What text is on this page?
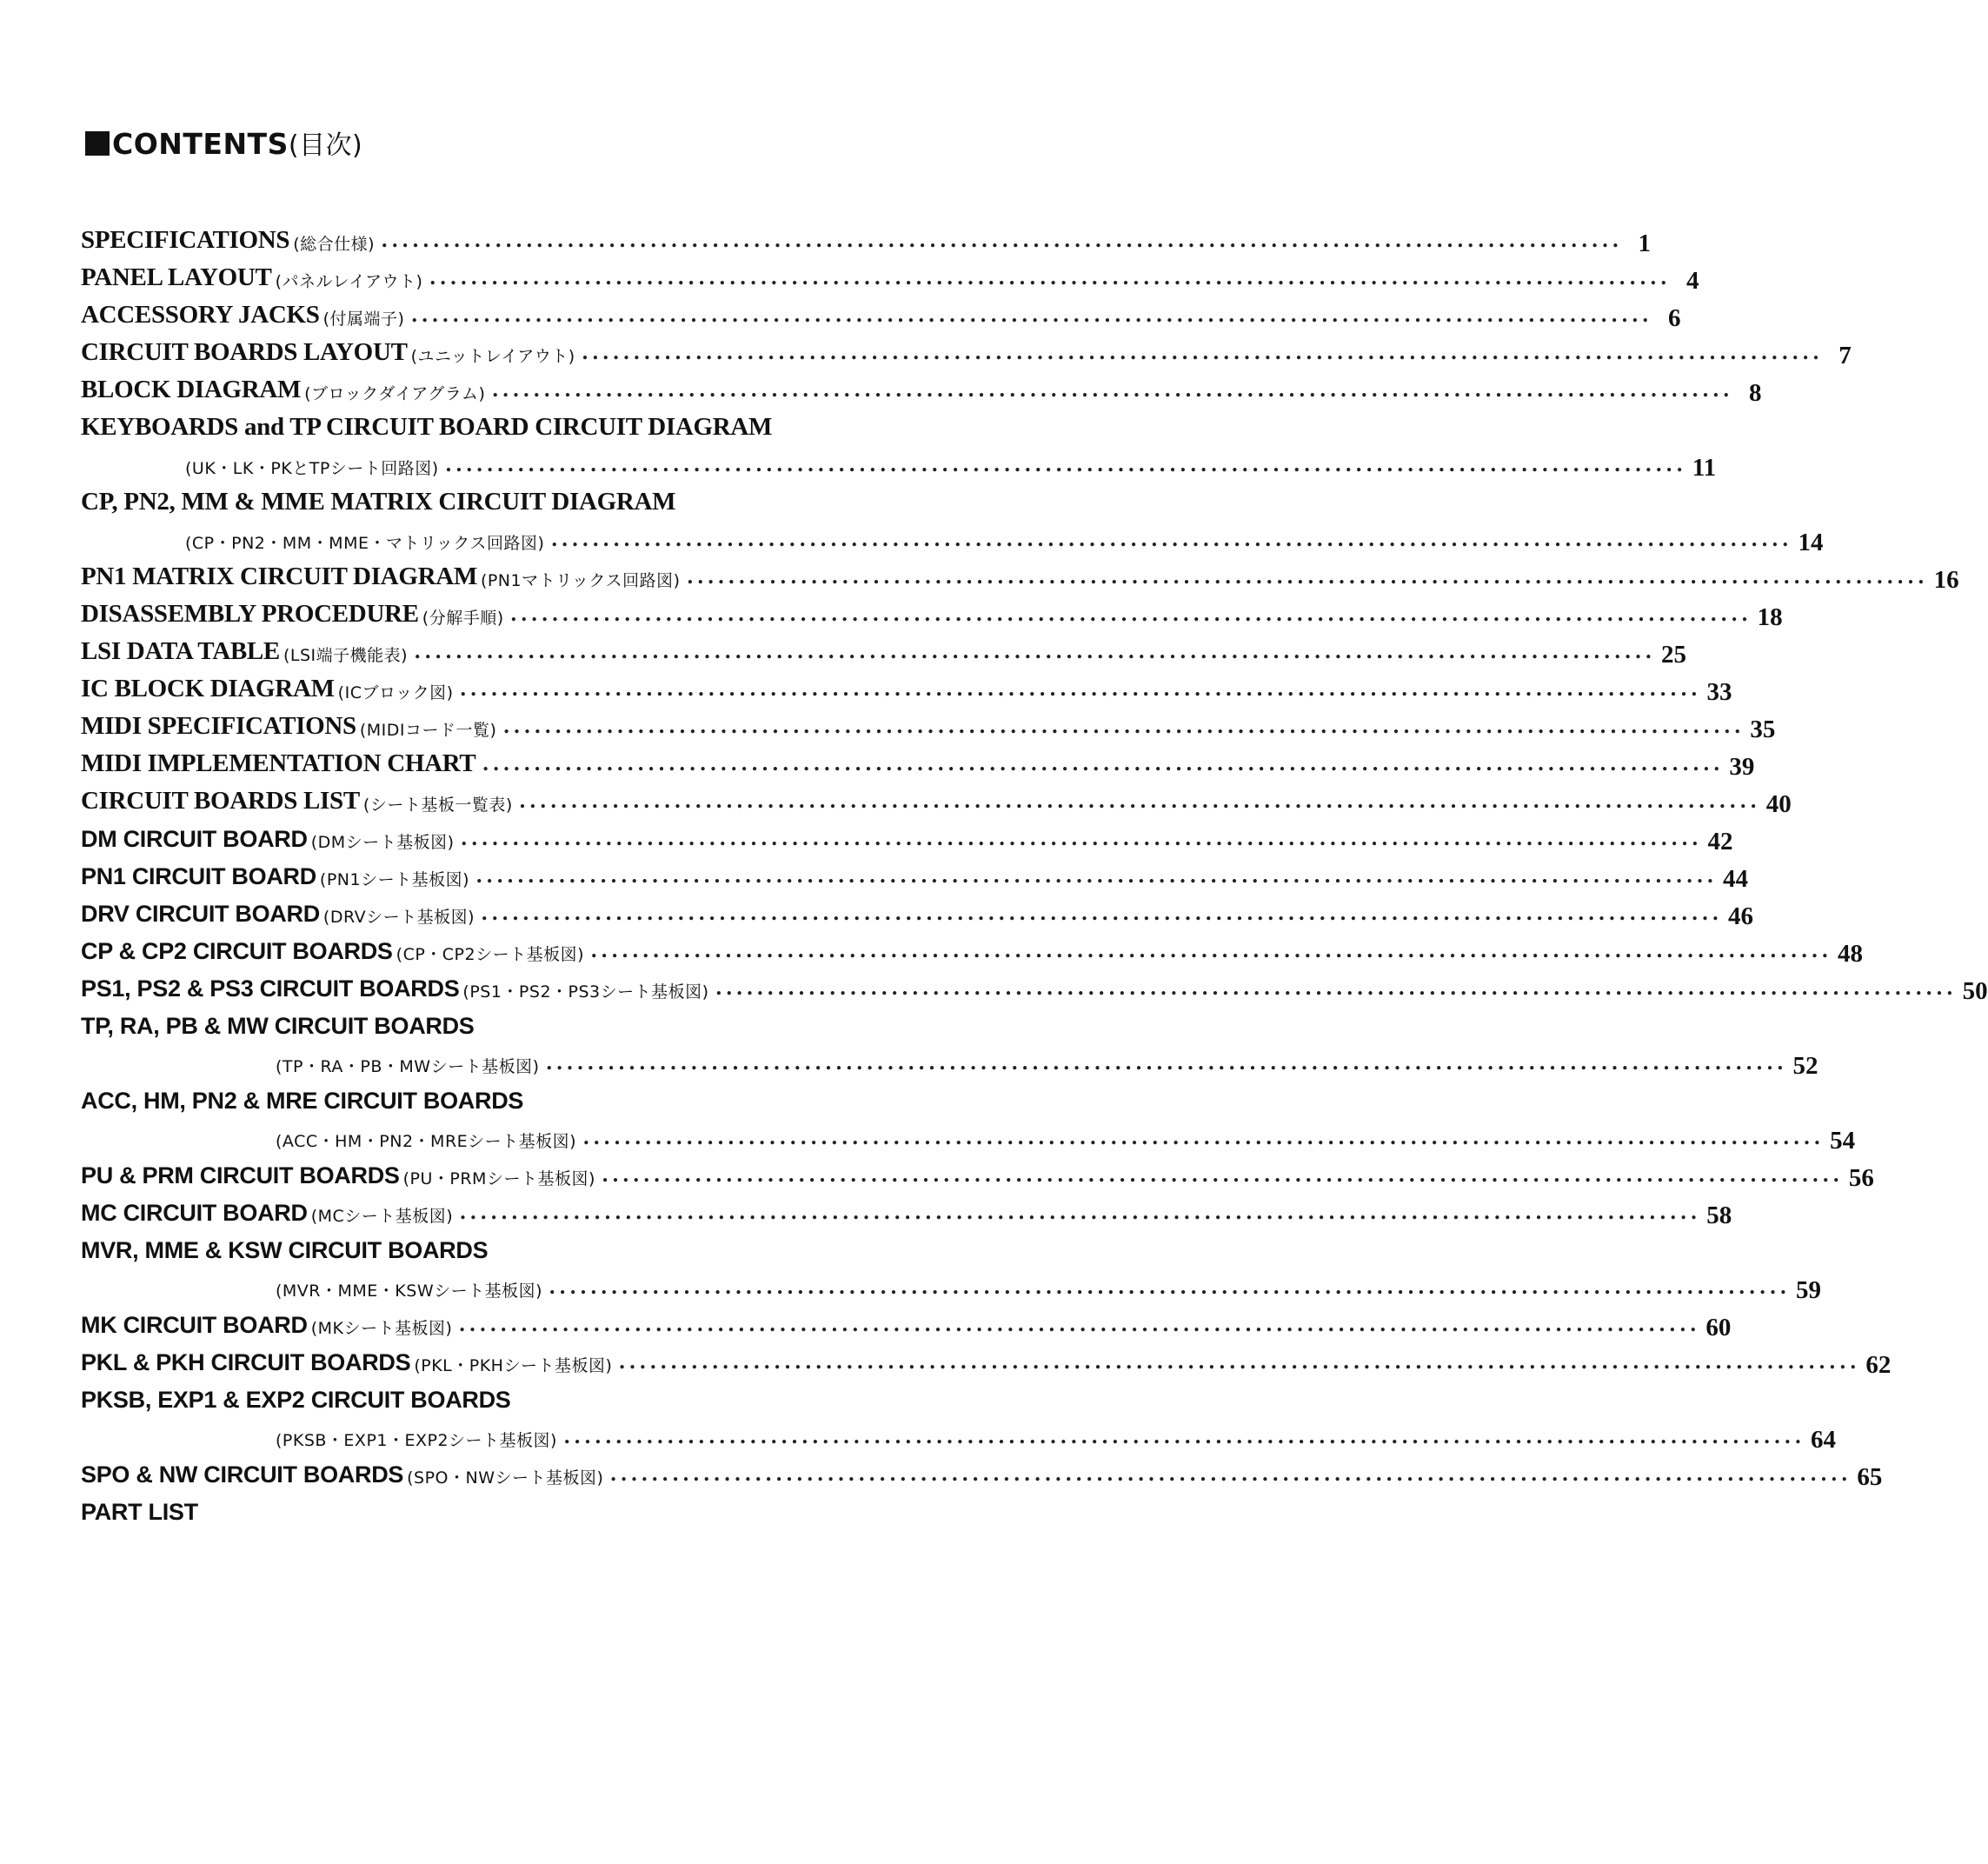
CONTENTS(目次)
SPECIFICATIONS (総合仕様) ........................................................................................................................ 1
PANEL LAYOUT (パネルレイアウト) ........................................................................................................................ 4
ACCESSORY JACKS (付属端子) ........................................................................................................................ 6
CIRCUIT BOARDS LAYOUT (ユニットレイアウト) ........................................................................................................................ 7
BLOCK DIAGRAM (ブロックダイアグラム) ........................................................................................................................ 8
KEYBOARDS and TP CIRCUIT BOARD CIRCUIT DIAGRAM
(UK・LK・PKとTPシート回路図) ........................................................................................................................ 11
CP, PN2, MM & MME MATRIX CIRCUIT DIAGRAM
(CP・PN2・MM・MME・マトリックス回路図) ........................................................................................................................ 14
PN1 MATRIX CIRCUIT DIAGRAM (PN1マトリックス回路図) ........................................................................................................................ 16
DISASSEMBLY PROCEDURE (分解手順) ........................................................................................................................ 18
LSI DATA TABLE (LSI端子機能表) ........................................................................................................................ 25
IC BLOCK DIAGRAM (ICブロック図) ........................................................................................................................ 33
MIDI SPECIFICATIONS (MIDIコード一覧) ........................................................................................................................ 35
MIDI IMPLEMENTATION CHART ........................................................................................................................ 39
CIRCUIT BOARDS LIST (シート基板一覧表) ........................................................................................................................ 40
DM CIRCUIT BOARD (DMシート基板図) ........................................................................................................................ 42
PN1 CIRCUIT BOARD (PN1シート基板図) ........................................................................................................................ 44
DRV CIRCUIT BOARD (DRVシート基板図) ........................................................................................................................ 46
CP & CP2 CIRCUIT BOARDS (CP・CP2シート基板図) ........................................................................................................................ 48
PS1, PS2 & PS3 CIRCUIT BOARDS (PS1・PS2・PS3シート基板図) ........................................................................................................................ 50
TP, RA, PB & MW CIRCUIT BOARDS
(TP・RA・PB・MWシート基板図) ........................................................................................................................ 52
ACC, HM, PN2 & MRE CIRCUIT BOARDS
(ACC・HM・PN2・MREシート基板図) ........................................................................................................................ 54
PU & PRM CIRCUIT BOARDS (PU・PRMシート基板図) ........................................................................................................................ 56
MC CIRCUIT BOARD (MCシート基板図) ........................................................................................................................ 58
MVR, MME & KSW CIRCUIT BOARDS
(MVR・MME・KSWシート基板図) ........................................................................................................................ 59
MK CIRCUIT BOARD (MKシート基板図) ........................................................................................................................ 60
PKL & PKH CIRCUIT BOARDS (PKL・PKHシート基板図) ........................................................................................................................ 62
PKSB, EXP1 & EXP2 CIRCUIT BOARDS
(PKSB・EXP1・EXP2シート基板図) ........................................................................................................................ 64
SPO & NW CIRCUIT BOARDS (SPO・NWシート基板図) ........................................................................................................................ 65
PART LIST
